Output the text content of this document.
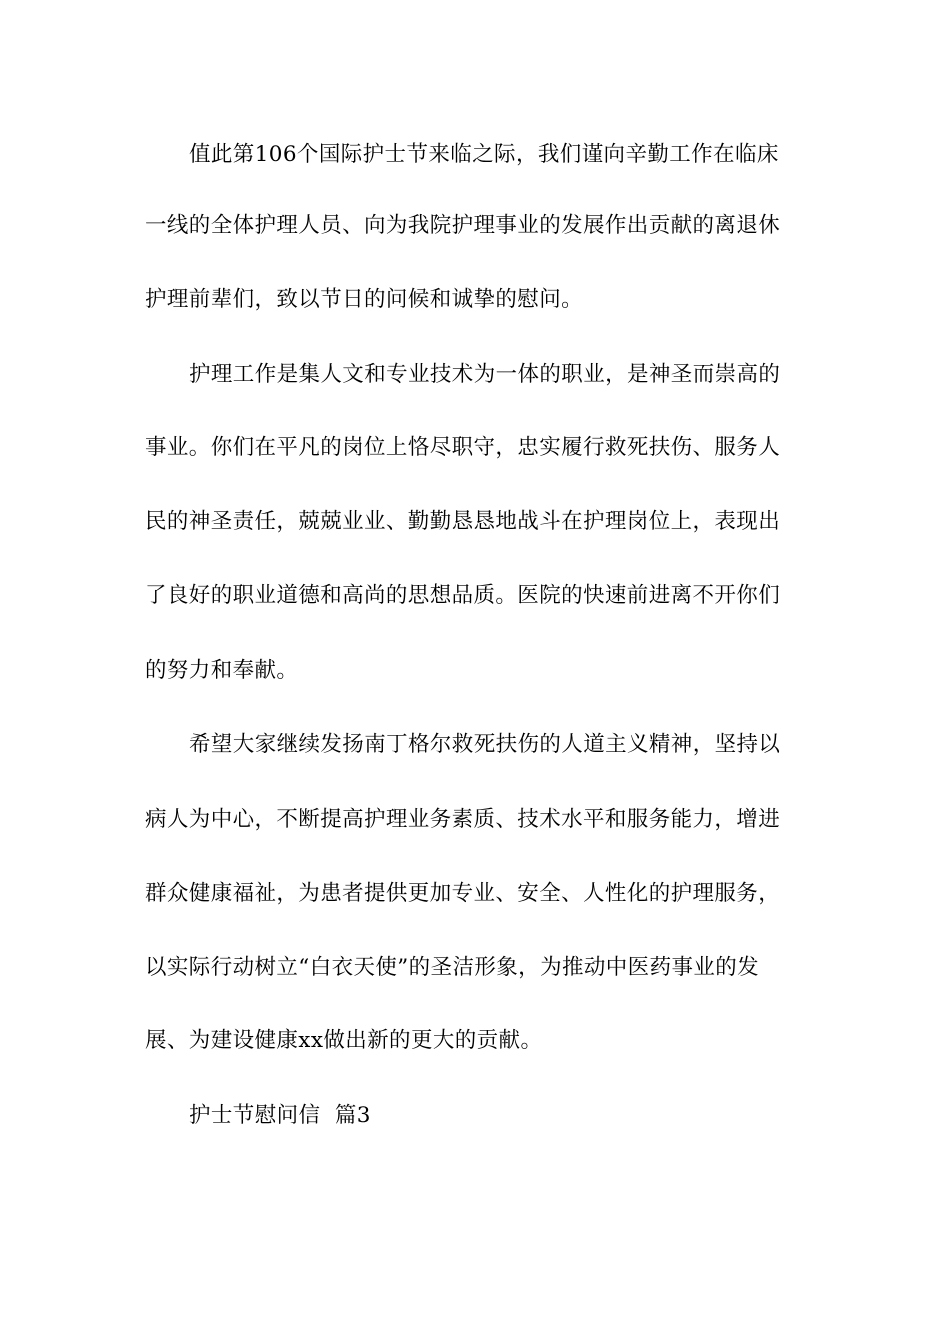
值此第106个国际护士节来临之际，我们谨向辛勤工作在临床
一线的全体护理人员、向为我院护理事业的发展作出贡献的离退休
护理前辈们，致以节日的问候和诚挚的慰问。
护理工作是集人文和专业技术为一体的职业，是神圣而崇高的
事业。你们在平凡的岗位上恪尽职守，忠实履行救死扶伤、服务人
民的神圣责任，兢兢业业、勤勤恳恳地战斗在护理岗位上，表现出
了良好的职业道德和高尚的思想品质。医院的快速前进离不开你们
的努力和奉献。
希望大家继续发扬南丁格尔救死扶伤的人道主义精神，坚持以
病人为中心，不断提高护理业务素质、技术水平和服务能力，增进
群众健康福祉，为患者提供更加专业、安全、人性化的护理服务，
以实际行动树立“白衣天使”的圣洁形象，为推动中医药事业的发
展、为建设健康xx做出新的更大的贡献。
护士节慰问信  篇3
